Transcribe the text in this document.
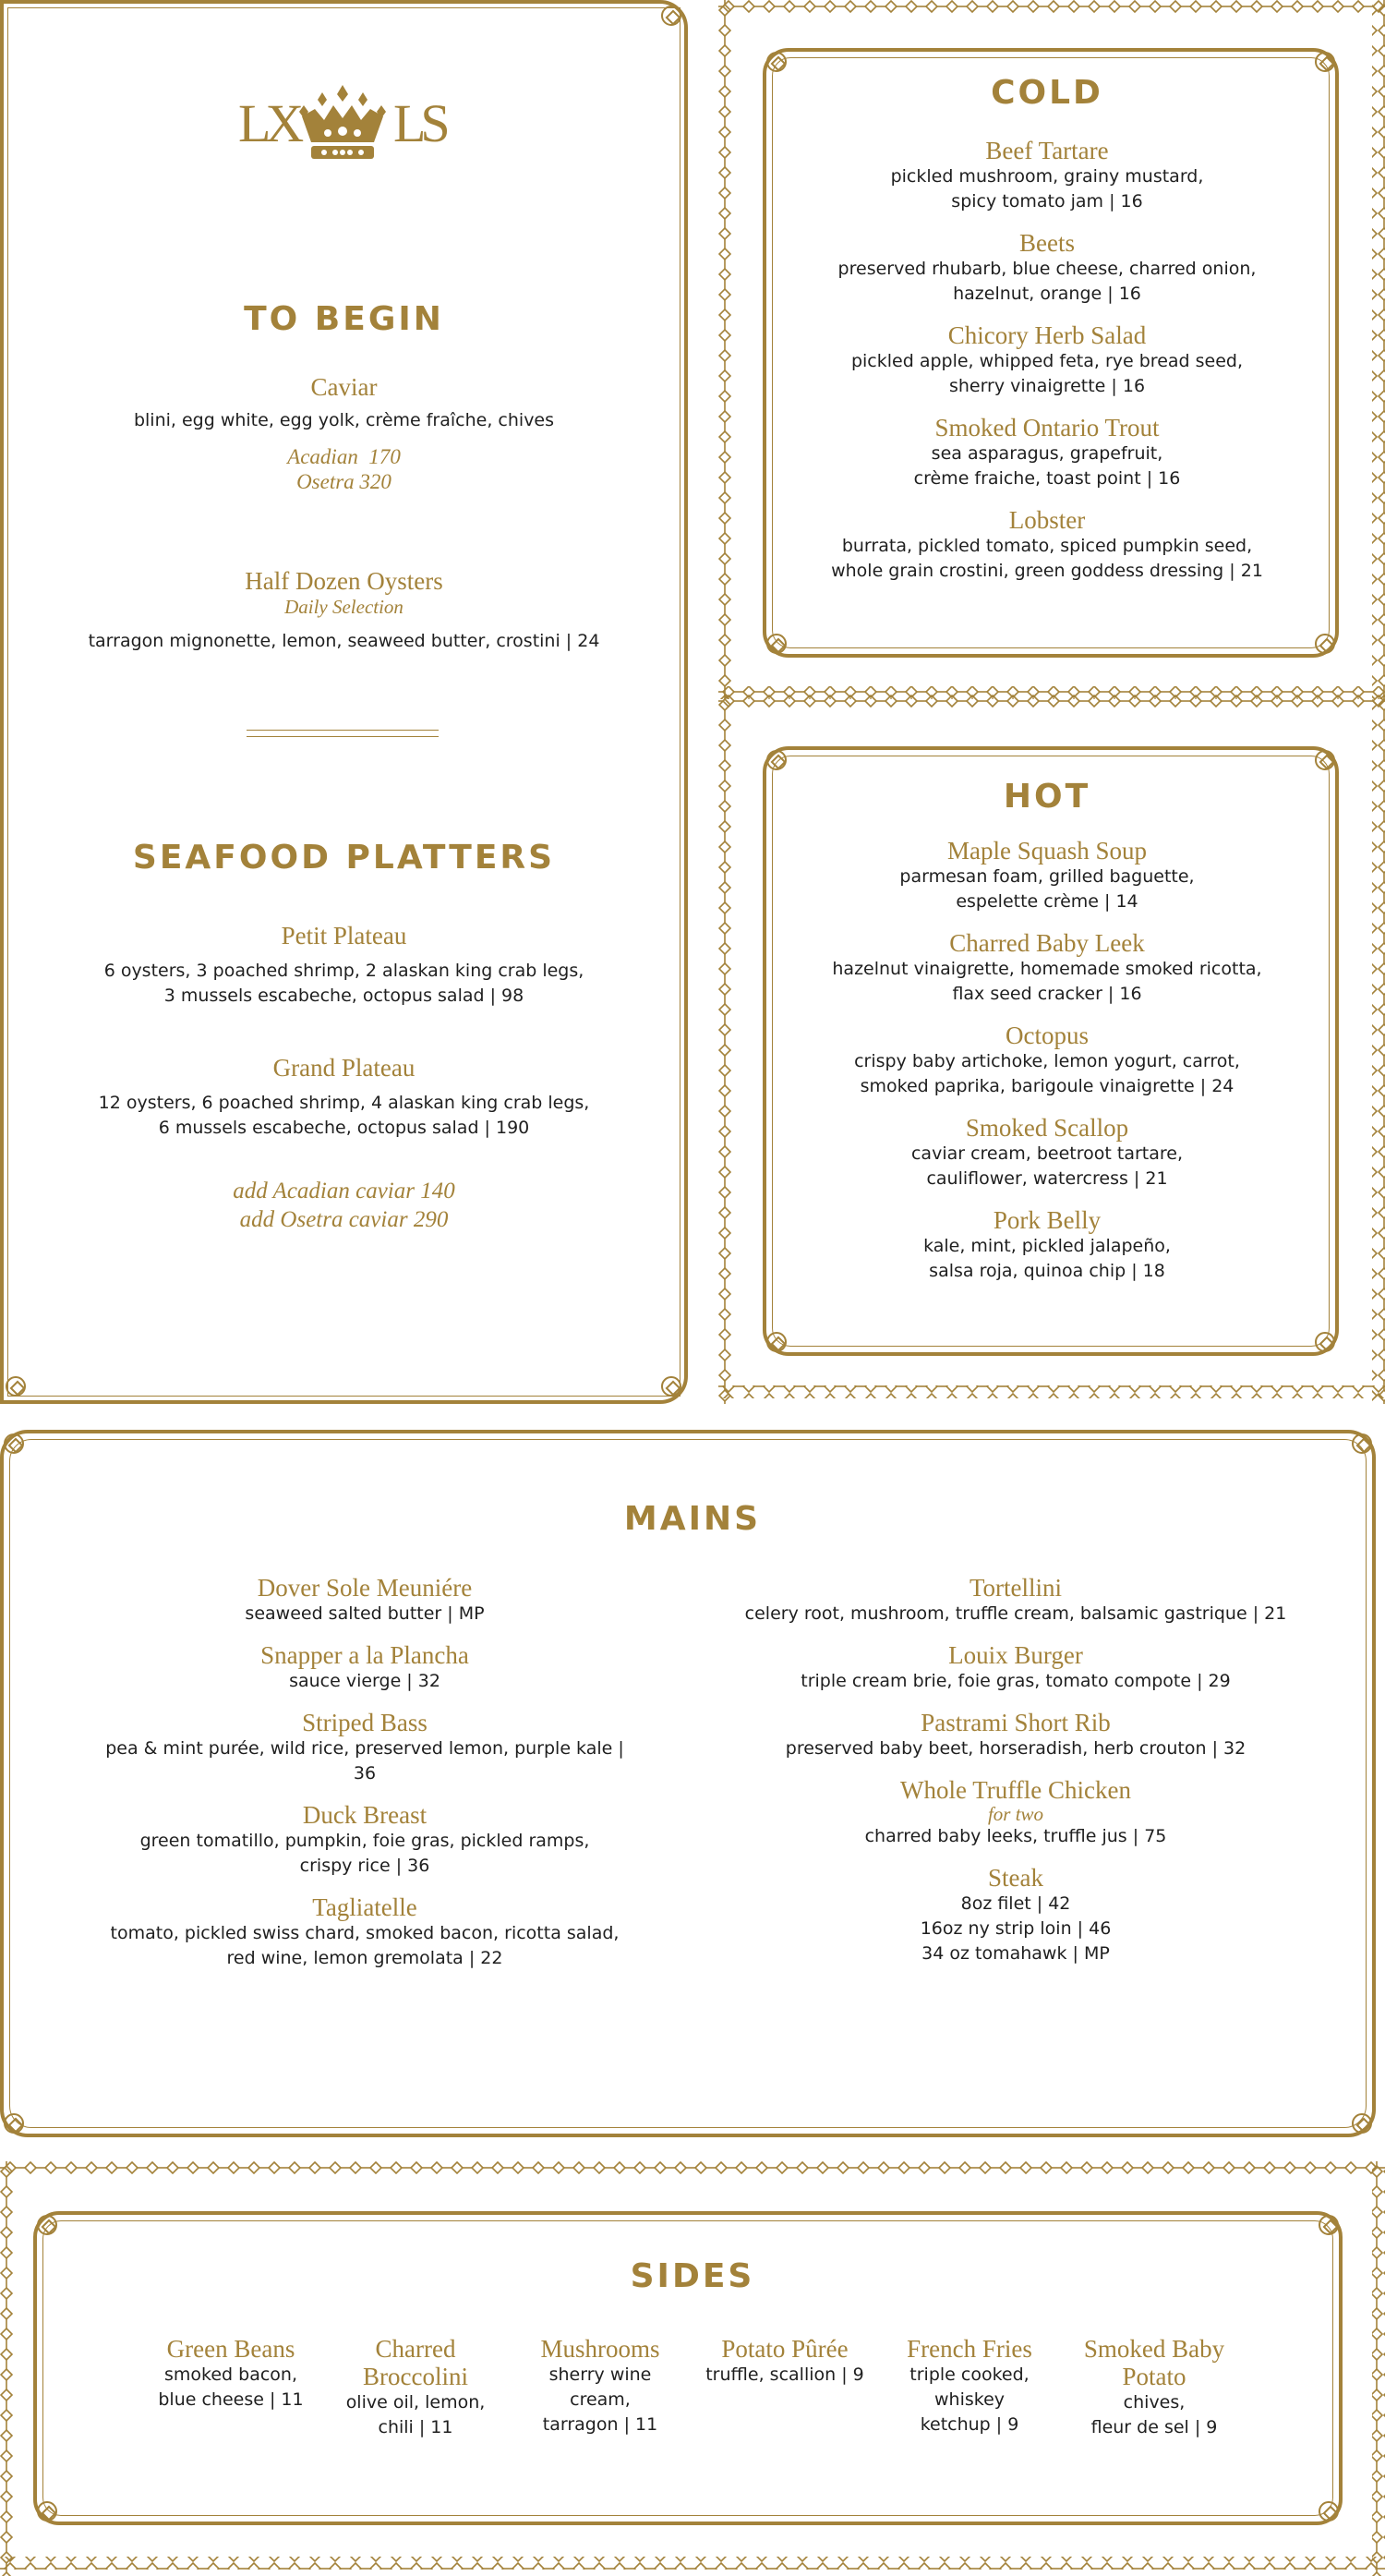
LX LS
TO BEGIN
Caviar
blini, egg white, egg yolk, crème fraîche, chives
Acadian  170
Osetra 320
Half Dozen Oysters
Daily Selection
tarragon mignonette, lemon, seaweed butter, crostini | 24
SEAFOOD PLATTERS
Petit Plateau
6 oysters, 3 poached shrimp, 2 alaskan king crab legs,
3 mussels escabeche, octopus salad | 98
Grand Plateau
12 oysters, 6 poached shrimp, 4 alaskan king crab legs,
6 mussels escabeche, octopus salad | 190
add Acadian caviar 140
add Osetra caviar 290
COLD
Beef Tartare
pickled mushroom, grainy mustard,
spicy tomato jam | 16
Beets
preserved rhubarb, blue cheese, charred onion,
hazelnut, orange | 16
Chicory Herb Salad
pickled apple, whipped feta, rye bread seed,
sherry vinaigrette | 16
Smoked Ontario Trout
sea asparagus, grapefruit,
crème fraiche, toast point | 16
Lobster
burrata, pickled tomato, spiced pumpkin seed,
whole grain crostini, green goddess dressing | 21
HOT
Maple Squash Soup
parmesan foam, grilled baguette,
espelette crème | 14
Charred Baby Leek
hazelnut vinaigrette, homemade smoked ricotta,
flax seed cracker | 16
Octopus
crispy baby artichoke, lemon yogurt, carrot,
smoked paprika, barigoule vinaigrette | 24
Smoked Scallop
caviar cream, beetroot tartare,
cauliflower, watercress | 21
Pork Belly
kale, mint, pickled jalapeño,
salsa roja, quinoa chip | 18
MAINS
Dover Sole Meuniére
seaweed salted butter | MP
Snapper a la Plancha
sauce vierge | 32
Striped Bass
pea & mint purée, wild rice, preserved lemon, purple kale |
36
Duck Breast
green tomatillo, pumpkin, foie gras, pickled ramps,
crispy rice | 36
Tagliatelle
tomato, pickled swiss chard, smoked bacon, ricotta salad,
red wine, lemon gremolata | 22
Tortellini
celery root, mushroom, truffle cream, balsamic gastrique | 21
Louix Burger
triple cream brie, foie gras, tomato compote | 29
Pastrami Short Rib
preserved baby beet, horseradish, herb crouton | 32
Whole Truffle Chicken
for two
charred baby leeks, truffle jus | 75
Steak
8oz filet | 42
16oz ny strip loin | 46
34 oz tomahawk | MP
SIDES
Green Beans
smoked bacon,
blue cheese | 11
Charred
Broccolini
olive oil, lemon,
chili | 11
Mushrooms
sherry wine
cream,
tarragon | 11
Potato Pûrée
truffle, scallion | 9
French Fries
triple cooked,
whiskey
ketchup | 9
Smoked Baby
Potato
chives,
fleur de sel | 9
